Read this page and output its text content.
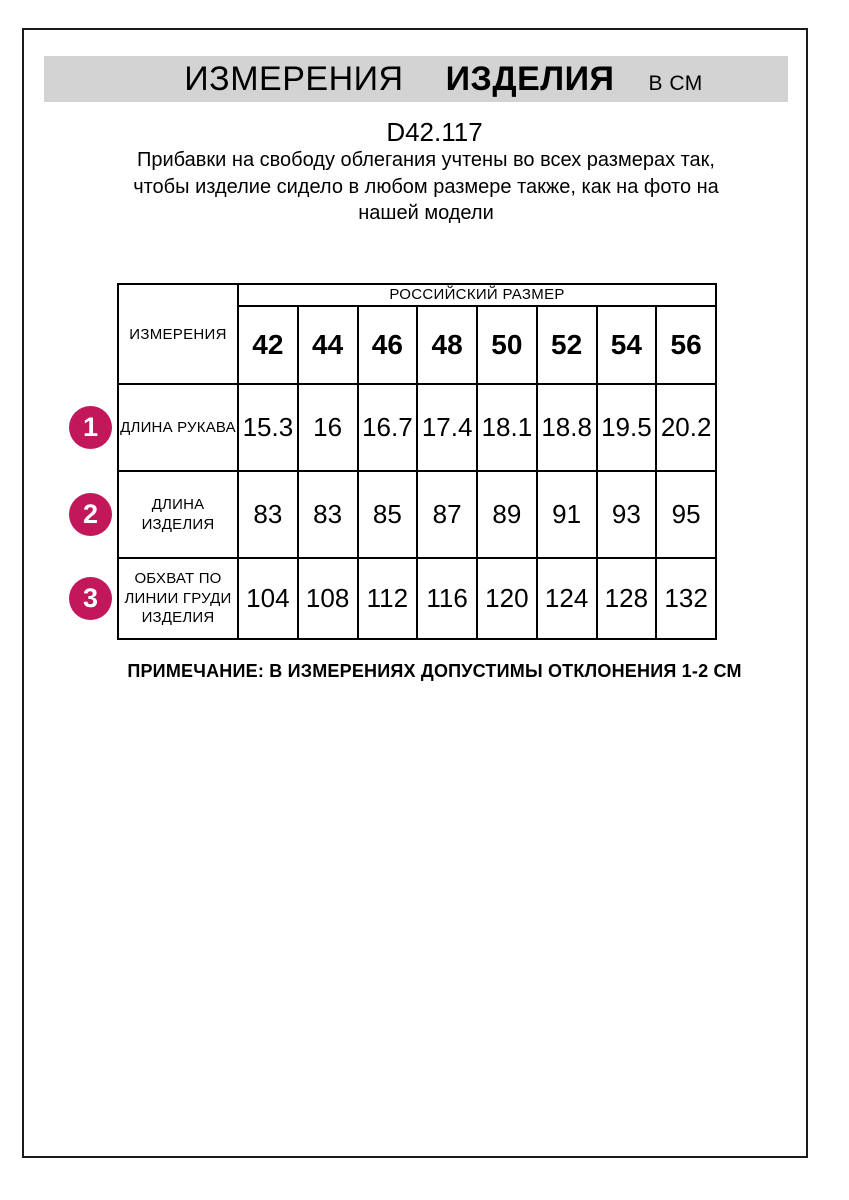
ИЗМЕРЕНИЯ ИЗДЕЛИЯ В СМ
D42.117
Прибавки на свободу облегания учтены во всех размерах так, чтобы изделие сидело в любом размере также, как на фото на нашей модели
ИЗМЕРЕНИЯ	РОССИЙСКИЙ РАЗМЕР							
	42	44	46	48	50	52	54	56
ДЛИНА РУКАВА	15.3	16	16.7	17.4	18.1	18.8	19.5	20.2
ДЛИНА ИЗДЕЛИЯ	83	83	85	87	89	91	93	95
ОБХВАТ ПО ЛИНИИ ГРУДИ ИЗДЕЛИЯ	104	108	112	116	120	124	128	132
1
2
3
ПРИМЕЧАНИЕ: В ИЗМЕРЕНИЯХ ДОПУСТИМЫ ОТКЛОНЕНИЯ 1-2 СМ
